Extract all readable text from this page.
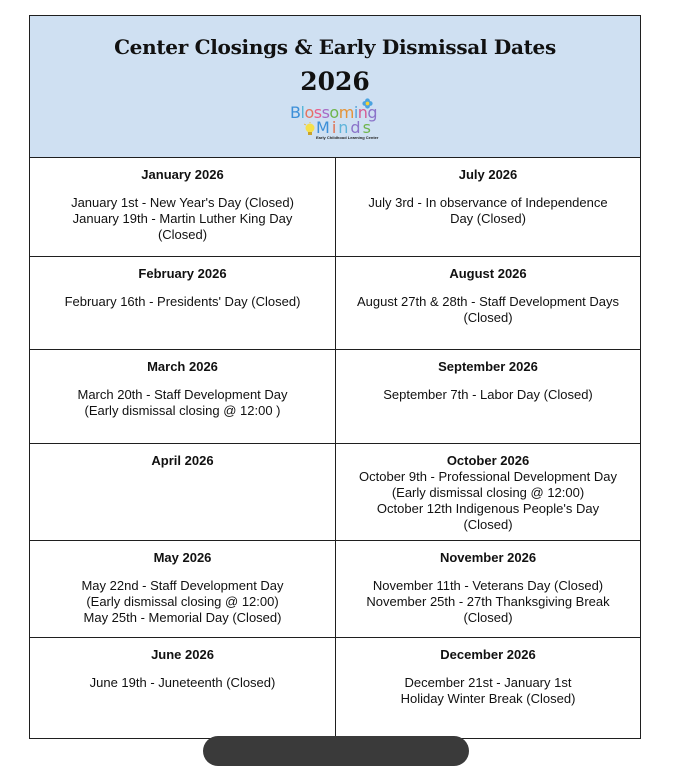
Center Closings & Early Dismissal Dates
2026
Blossoming
Minds
Early Childhood Learning Center
January 2026
January 1st - New Year's Day (Closed)
January 19th - Martin Luther King Day
(Closed)
July 2026
July 3rd - In observance of Independence
Day (Closed)
February 2026
February 16th - Presidents' Day (Closed)
August 2026
August 27th & 28th - Staff Development Days
(Closed)
March 2026
March 20th - Staff Development Day
(Early dismissal closing @ 12:00 )
September 2026
September 7th - Labor Day (Closed)
April 2026	October 2026
October 9th - Professional Development Day
(Early dismissal closing @ 12:00)
October 12th Indigenous People's Day
(Closed)
May 2026
May 22nd - Staff Development Day
(Early dismissal closing @ 12:00)
May 25th - Memorial Day (Closed)
November 2026
November 11th - Veterans Day (Closed)
November 25th - 27th Thanksgiving Break
(Closed)
June 2026
June 19th - Juneteenth (Closed)
December 2026
December 21st - January 1st
Holiday Winter Break (Closed)
